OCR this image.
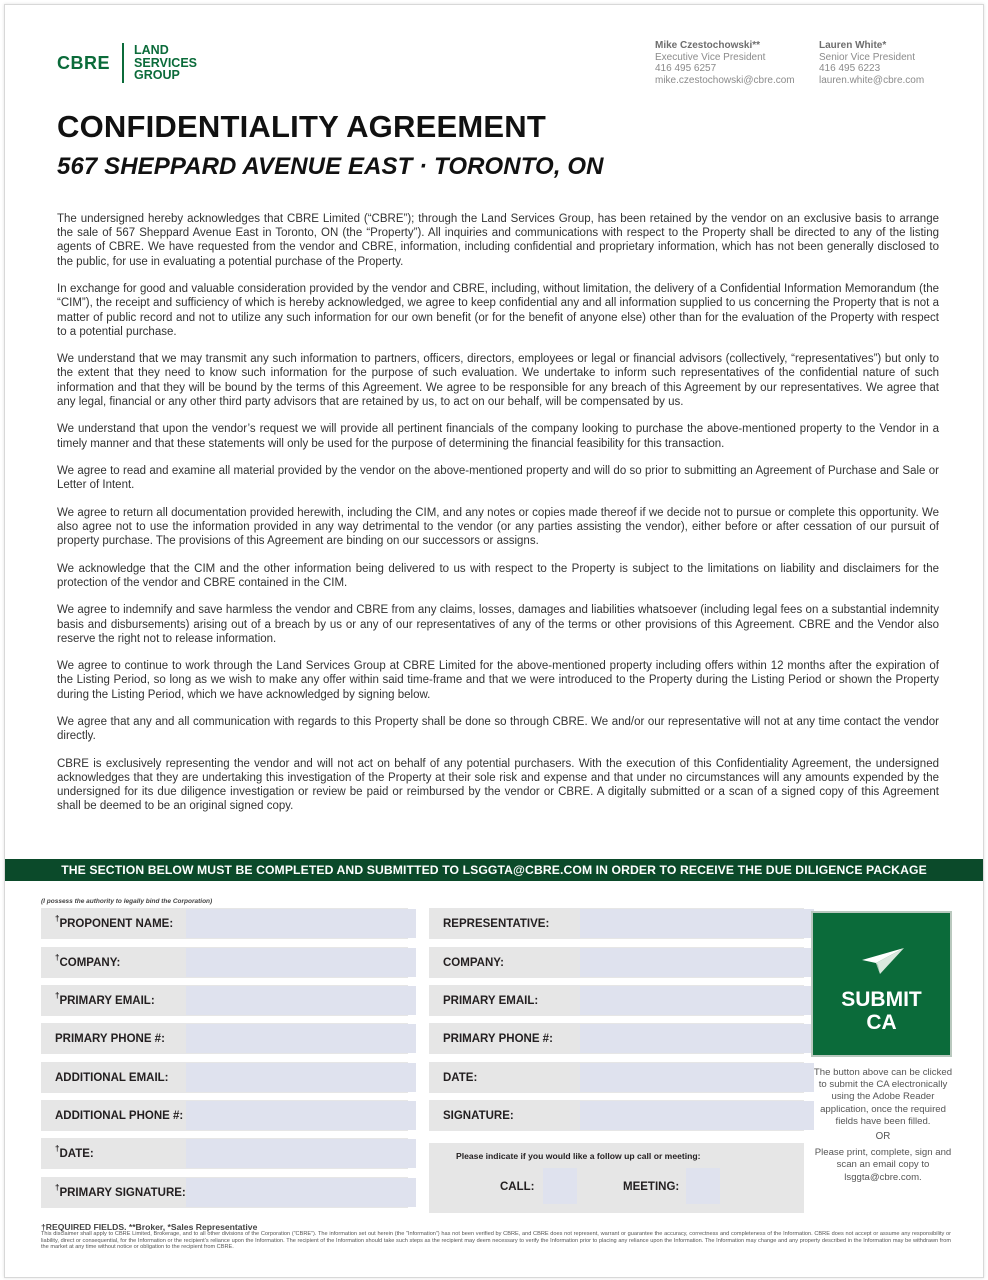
CBRE
LAND
SERVICES
GROUP
Mike Czestochowski**
Executive Vice President
416 495 6257
mike.czestochowski@cbre.com
Lauren White*
Senior Vice President
416 495 6223
lauren.white@cbre.com
CONFIDENTIALITY AGREEMENT
567 SHEPPARD AVENUE EAST · TORONTO, ON

The undersigned hereby acknowledges that CBRE Limited (“CBRE”); through the Land Services Group, has been retained by the vendor on an exclusive basis to arrange the sale of 567 Sheppard Avenue East in Toronto, ON (the “Property”). All inquiries and communications with respect to the Property shall be directed to any of the listing agents of CBRE. We have requested from the vendor and CBRE, information, including confidential and proprietary information, which has not been generally disclosed to the public, for use in evaluating a potential purchase of the Property.

In exchange for good and valuable consideration provided by the vendor and CBRE, including, without limitation, the delivery of a Confidential Information Memorandum (the “CIM”), the receipt and sufficiency of which is hereby acknowledged, we agree to keep confidential any and all information supplied to us concerning the Property that is not a matter of public record and not to utilize any such information for our own benefit (or for the benefit of anyone else) other than for the evaluation of the Property with respect to a potential purchase.

We understand that we may transmit any such information to partners, officers, directors, employees or legal or financial advisors (collectively, “representatives”) but only to the extent that they need to know such information for the purpose of such evaluation. We undertake to inform such representatives of the confidential nature of such information and that they will be bound by the terms of this Agreement. We agree to be responsible for any breach of this Agreement by our representatives. We agree that any legal, financial or any other third party advisors that are retained by us, to act on our behalf, will be compensated by us.

We understand that upon the vendor’s request we will provide all pertinent financials of the company looking to purchase the above-mentioned property to the Vendor in a timely manner and that these statements will only be used for the purpose of determining the financial feasibility for this transaction.

We agree to read and examine all material provided by the vendor on the above-mentioned property and will do so prior to submitting an Agreement of Purchase and Sale or Letter of Intent.

We agree to return all documentation provided herewith, including the CIM, and any notes or copies made thereof if we decide not to pursue or complete this opportunity. We also agree not to use the information provided in any way detrimental to the vendor (or any parties assisting the vendor), either before or after cessation of our pursuit of property purchase. The provisions of this Agreement are binding on our successors or assigns.

We acknowledge that the CIM and the other information being delivered to us with respect to the Property is subject to the limitations on liability and disclaimers for the protection of the vendor and CBRE contained in the CIM.

We agree to indemnify and save harmless the vendor and CBRE from any claims, losses, damages and liabilities whatsoever (including legal fees on a substantial indemnity basis and disbursements) arising out of a breach by us or any of our representatives of any of the terms or other provisions of this Agreement. CBRE and the Vendor also reserve the right not to release information.

We agree to continue to work through the Land Services Group at CBRE Limited for the above-mentioned property including offers within 12 months after the expiration of the Listing Period, so long as we wish to make any offer within said time-frame and that we were introduced to the Property during the Listing Period or shown the Property during the Listing Period, which we have acknowledged by signing below.

We agree that any and all communication with regards to this Property shall be done so through CBRE. We and/or our representative will not at any time contact the vendor directly.

CBRE is exclusively representing the vendor and will not act on behalf of any potential purchasers. With the execution of this Confidentiality Agreement, the undersigned acknowledges that they are undertaking this investigation of the Property at their sole risk and expense and that under no circumstances will any amounts expended by the undersigned for its due diligence investigation or review be paid or reimbursed by the vendor or CBRE. A digitally submitted or a scan of a signed copy of this Agreement shall be deemed to be an original signed copy.

THE SECTION BELOW MUST BE COMPLETED AND SUBMITTED TO LSGGTA@CBRE.COM IN ORDER TO RECEIVE THE DUE DILIGENCE PACKAGE
(I possess the authority to legally bind the Corporation)
†PROPONENT NAME:
†COMPANY:
†PRIMARY EMAIL:
PRIMARY PHONE #:
ADDITIONAL EMAIL:
ADDITIONAL PHONE #:
†DATE:
†PRIMARY SIGNATURE:
REPRESENTATIVE:
COMPANY:
PRIMARY EMAIL:
PRIMARY PHONE #:
DATE:
SIGNATURE:
Please indicate if you would like a follow up call or meeting:
CALL:	MEETING:
SUBMIT
CA
The button above can be clicked to submit the CA electronically using the Adobe Reader application, once the required fields have been filled.
OR
Please print, complete, sign and scan an email copy to lsggta@cbre.com.
†REQUIRED FIELDS. **Broker, *Sales Representative
This disclaimer shall apply to CBRE Limited, Brokerage, and to all other divisions of the Corporation (“CBRE”). The information set out herein (the “Information”) has not been verified by CBRE, and CBRE does not represent, warrant or guarantee the accuracy, correctness and completeness of the Information. CBRE does not accept or assume any responsibility or liability, direct or consequential, for the Information or the recipient’s reliance upon the Information. The recipient of the Information should take such steps as the recipient may deem necessary to verify the Information prior to placing any reliance upon the Information. The Information may change and any property described in the Information may be withdrawn from the market at any time without notice or obligation to the recipient from CBRE.
